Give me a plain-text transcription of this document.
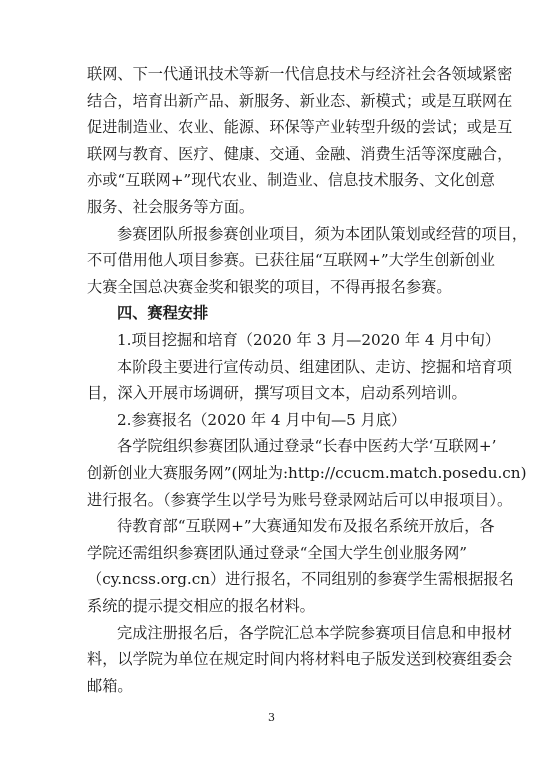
联网、下一代通讯技术等新一代信息技术与经济社会各领域紧密
结合，培育出新产品、新服务、新业态、新模式；或是互联网在
促进制造业、农业、能源、环保等产业转型升级的尝试；或是互
联网与教育、医疗、健康、交通、金融、消费生活等深度融合，
亦或“互联网+”现代农业、制造业、信息技术服务、文化创意
服务、社会服务等方面。
参赛团队所报参赛创业项目，须为本团队策划或经营的项目，
不可借用他人项目参赛。已获往届“互联网+”大学生创新创业
大赛全国总决赛金奖和银奖的项目，不得再报名参赛。
四、赛程安排
1.项目挖掘和培育（2020 年 3 月—2020 年 4 月中旬）
本阶段主要进行宣传动员、组建团队、走访、挖掘和培育项
目，深入开展市场调研，撰写项目文本，启动系列培训。
2.参赛报名（2020 年 4 月中旬—5 月底）
各学院组织参赛团队通过登录“长春中医药大学‘互联网+’
创新创业大赛服务网”(网址为:http://ccucm.match.posedu.cn)
进行报名。（参赛学生以学号为账号登录网站后可以申报项目）。
待教育部“互联网+”大赛通知发布及报名系统开放后，各
学院还需组织参赛团队通过登录“全国大学生创业服务网”
（cy.ncss.org.cn）进行报名，不同组别的参赛学生需根据报名
系统的提示提交相应的报名材料。
完成注册报名后，各学院汇总本学院参赛项目信息和申报材
料，以学院为单位在规定时间内将材料电子版发送到校赛组委会
邮箱。
3
